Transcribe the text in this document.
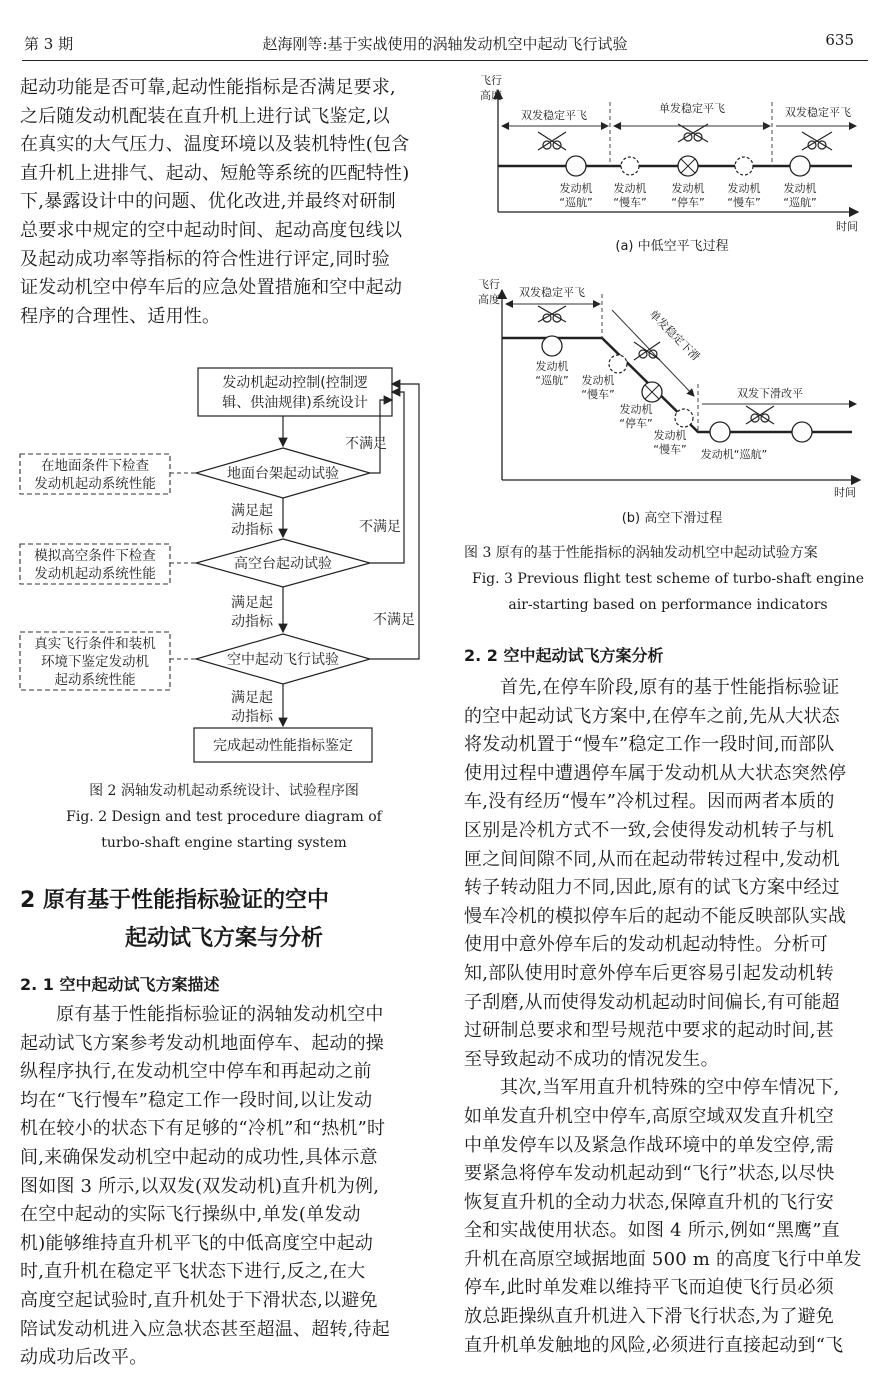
第 3 期	赵海刚等:基于实战使用的涡轴发动机空中起动飞行试验	635
起动功能是否可靠,起动性能指标是否满足要求,
之后随发动机配装在直升机上进行试飞鉴定,以
在真实的大气压力、温度环境以及装机特性(包含
直升机上进排气、起动、短舱等系统的匹配特性)
下,暴露设计中的问题、优化改进,并最终对研制
总要求中规定的空中起动时间、起动高度包线以
及起动成功率等指标的符合性进行评定,同时验
证发动机空中停车后的应急处置措施和空中起动
程序的合理性、适用性。
发动机起动控制(控制逻
辑、供油规律)系统设计
地面台架起动试验
满足起
动指标
高空台起动试验
满足起
动指标
空中起动飞行试验
满足起
动指标
完成起动性能指标鉴定
不满足
不满足
不满足
在地面条件下检查
发动机起动系统性能
模拟高空条件下检查
发动机起动系统性能
真实飞行条件和装机
环境下鉴定发动机
起动系统性能
图 2 涡轴发动机起动系统设计、试验程序图
Fig. 2 Design and test procedure diagram of
turbo-shaft engine starting system
2 原有基于性能指标验证的空中
起动试飞方案与分析
2. 1 空中起动试飞方案描述
原有基于性能指标验证的涡轴发动机空中
起动试飞方案参考发动机地面停车、起动的操
纵程序执行,在发动机空中停车和再起动之前
均在“飞行慢车”稳定工作一段时间,以让发动
机在较小的状态下有足够的“冷机”和“热机”时
间,来确保发动机空中起动的成功性,具体示意
图如图 3 所示,以双发(双发动机)直升机为例,
在空中起动的实际飞行操纵中,单发(单发动
机)能够维持直升机平飞的中低高度空中起动
时,直升机在稳定平飞状态下进行,反之,在大
高度空起试验时,直升机处于下滑状态,以避免
陪试发动机进入应急状态甚至超温、超转,待起
动成功后改平。
飞行
高度
时间
双发稳定平飞
单发稳定平飞	双发稳定平飞
发动机
“巡航”
发动机
“慢车”
发动机
“停车”
发动机
“慢车”
发动机
“巡航”
(a) 中低空平飞过程
飞行
高度
时间
双发稳定平飞
单发稳定下滑
双发下滑改平
发动机
“巡航” 发动机
“慢车”
发动机
“停车”
发动机
“慢车” 发动机“巡航”
(b) 高空下滑过程
图 3 原有的基于性能指标的涡轴发动机空中起动试验方案
Fig. 3 Previous flight test scheme of turbo-shaft engine
air-starting based on performance indicators
2. 2 空中起动试飞方案分析
首先,在停车阶段,原有的基于性能指标验证
的空中起动试飞方案中,在停车之前,先从大状态
将发动机置于“慢车”稳定工作一段时间,而部队
使用过程中遭遇停车属于发动机从大状态突然停
车,没有经历“慢车”冷机过程。因而两者本质的
区别是冷机方式不一致,会使得发动机转子与机
匣之间间隙不同,从而在起动带转过程中,发动机
转子转动阻力不同,因此,原有的试飞方案中经过
慢车冷机的模拟停车后的起动不能反映部队实战
使用中意外停车后的发动机起动特性。分析可
知,部队使用时意外停车后更容易引起发动机转
子刮磨,从而使得发动机起动时间偏长,有可能超
过研制总要求和型号规范中要求的起动时间,甚
至导致起动不成功的情况发生。
其次,当军用直升机特殊的空中停车情况下,
如单发直升机空中停车,高原空域双发直升机空
中单发停车以及紧急作战环境中的单发空停,需
要紧急将停车发动机起动到“飞行”状态,以尽快
恢复直升机的全动力状态,保障直升机的飞行安
全和实战使用状态。如图 4 所示,例如“黑鹰”直
升机在高原空域据地面 500 m 的高度飞行中单发
停车,此时单发难以维持平飞而迫使飞行员必须
放总距操纵直升机进入下滑飞行状态,为了避免
直升机单发触地的风险,必须进行直接起动到“飞
